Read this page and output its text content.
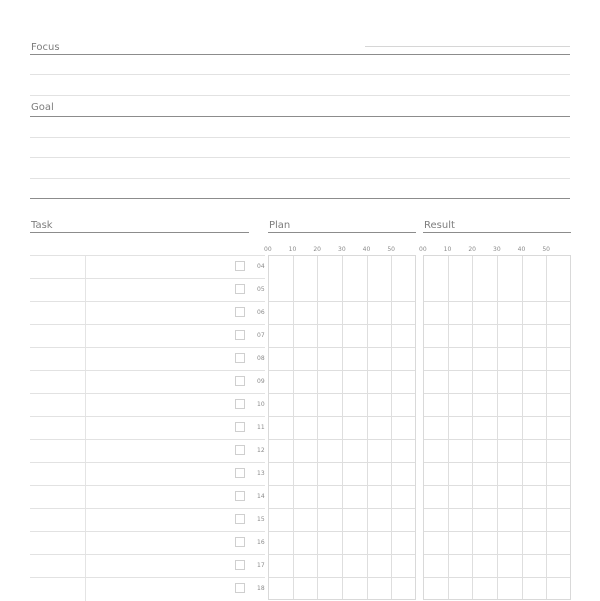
Focus
Goal
Task	Plan	Result
00	10	20	30	40	50	00	10	20	30	40	50
04
05
06
07
08
09
10
11
12
13
14
15
16
17
18
